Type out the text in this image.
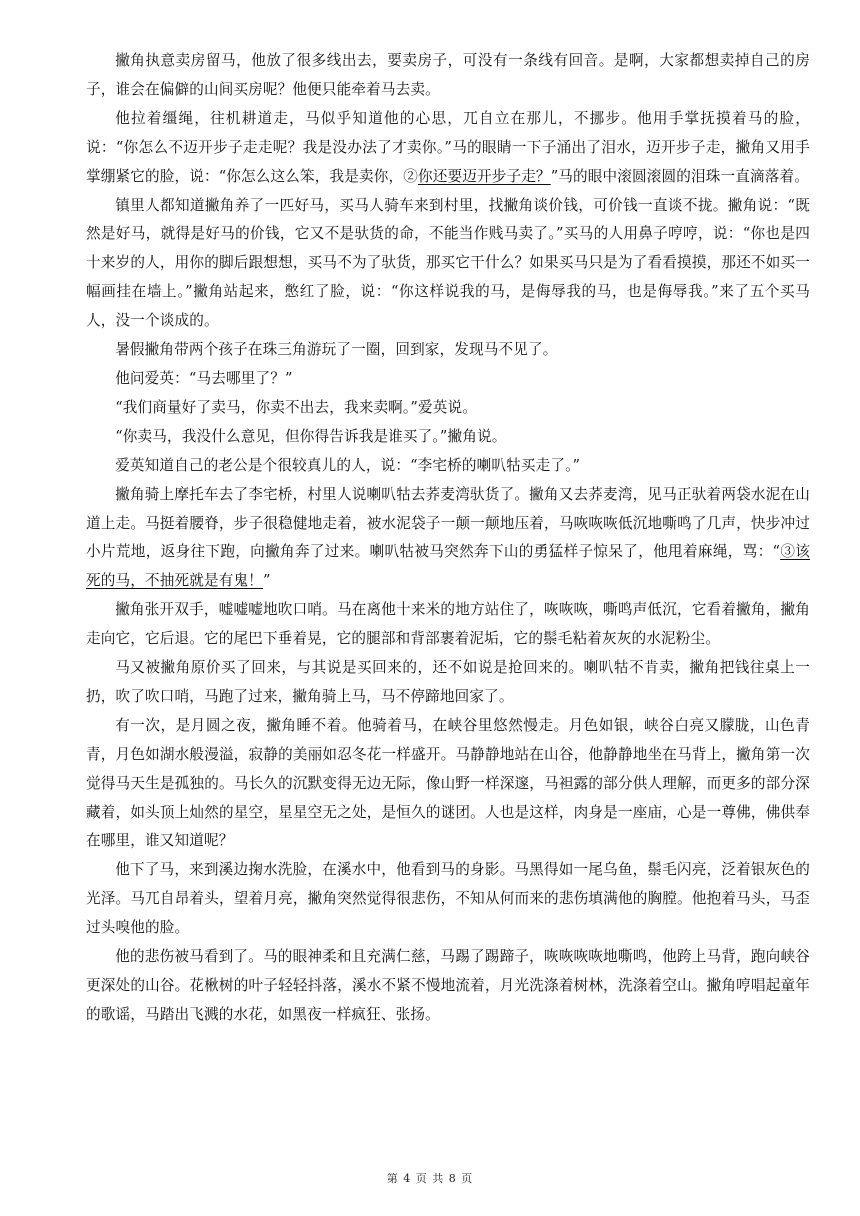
撇角执意卖房留马，他放了很多线出去，要卖房子，可没有一条线有回音。是啊，大家都想卖掉自己的房子，谁会在偏僻的山间买房呢？他便只能牵着马去卖。

他拉着缰绳，往机耕道走，马似乎知道他的心思，兀自立在那儿，不挪步。他用手掌抚摸着马的脸，说：“你怎么不迈开步子走走呢？我是没办法了才卖你。”马的眼睛一下子涌出了泪水，迈开步子走，撇角又用手掌绷紧它的脸，说：“你怎么这么笨，我是卖你，②你还要迈开步子走？”马的眼中滚圆滚圆的泪珠一直滴落着。

镇里人都知道撇角养了一匹好马，买马人骑车来到村里，找撇角谈价钱，可价钱一直谈不拢。撇角说：“既然是好马，就得是好马的价钱，它又不是驮货的命，不能当作贱马卖了。”买马的人用鼻子哼哼，说：“你也是四十来岁的人，用你的脚后跟想想，买马不为了驮货，那买它干什么？如果买马只是为了看看摸摸，那还不如买一幅画挂在墙上。”撇角站起来，憋红了脸，说：“你这样说我的马，是侮辱我的马，也是侮辱我。”来了五个买马人，没一个谈成的。

暑假撇角带两个孩子在珠三角游玩了一圈，回到家，发现马不见了。

他问爱英：“马去哪里了？”

“我们商量好了卖马，你卖不出去，我来卖啊。”爱英说。

“你卖马，我没什么意见，但你得告诉我是谁买了。”撇角说。

爱英知道自己的老公是个很较真儿的人，说：“李宅桥的喇叭牯买走了。”

撇角骑上摩托车去了李宅桥，村里人说喇叭牯去荞麦湾驮货了。撇角又去荞麦湾，见马正驮着两袋水泥在山道上走。马挺着腰脊，步子很稳健地走着，被水泥袋子一颠一颠地压着，马咴咴咴低沉地嘶鸣了几声，快步冲过小片荒地，返身往下跑，向撇角奔了过来。喇叭牯被马突然奔下山的勇猛样子惊呆了，他甩着麻绳，骂：“③该死的马，不抽死就是有鬼！”

撇角张开双手，嘘嘘嘘地吹口哨。马在离他十来米的地方站住了，咴咴咴，嘶鸣声低沉，它看着撇角，撇角走向它，它后退。它的尾巴下垂着晃，它的腿部和背部裹着泥垢，它的鬃毛粘着灰灰的水泥粉尘。

马又被撇角原价买了回来，与其说是买回来的，还不如说是抢回来的。喇叭牯不肯卖，撇角把钱往桌上一扔，吹了吹口哨，马跑了过来，撇角骑上马，马不停蹄地回家了。

有一次，是月圆之夜，撇角睡不着。他骑着马，在峡谷里悠然慢走。月色如银，峡谷白亮又朦胧，山色青青，月色如湖水般漫溢，寂静的美丽如忍冬花一样盛开。马静静地站在山谷，他静静地坐在马背上，撇角第一次觉得马天生是孤独的。马长久的沉默变得无边无际，像山野一样深邃，马袒露的部分供人理解，而更多的部分深藏着，如头顶上灿然的星空，星星空无之处，是恒久的谜团。人也是这样，肉身是一座庙，心是一尊佛，佛供奉在哪里，谁又知道呢？

他下了马，来到溪边掬水洗脸，在溪水中，他看到马的身影。马黑得如一尾乌鱼，鬃毛闪亮，泛着银灰色的光泽。马兀自昂着头，望着月亮，撇角突然觉得很悲伤，不知从何而来的悲伤填满他的胸膛。他抱着马头，马歪过头嗅他的脸。

他的悲伤被马看到了。马的眼神柔和且充满仁慈，马踢了踢蹄子，咴咴咴咴地嘶鸣，他跨上马背，跑向峡谷更深处的山谷。花楸树的叶子轻轻抖落，溪水不紧不慢地流着，月光洗涤着树林，洗涤着空山。撇角哼唱起童年的歌谣，马踏出飞溅的水花，如黑夜一样疯狂、张扬。

第 4 页 共 8 页
